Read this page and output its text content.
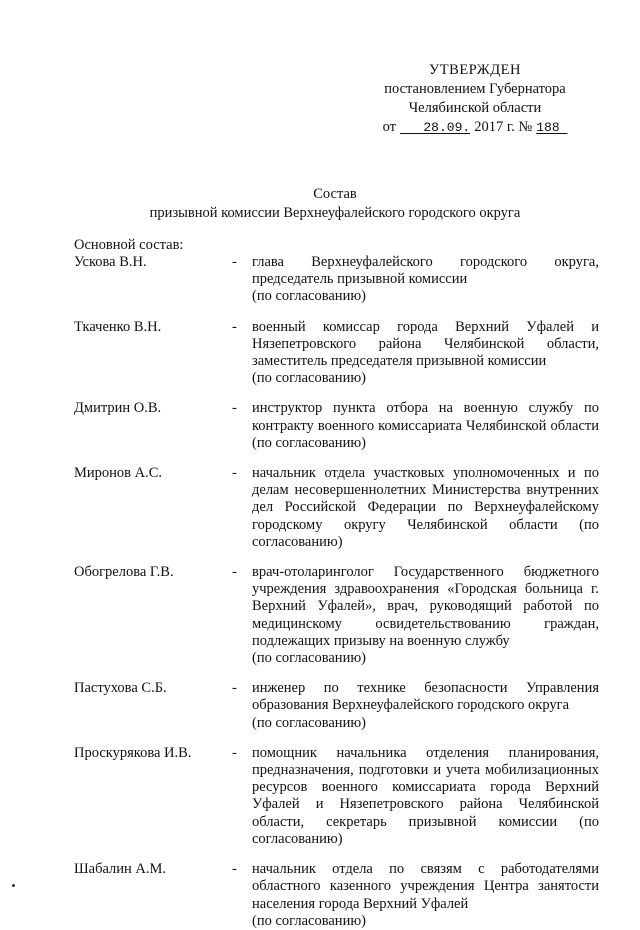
УТВЕРЖДЕН
постановлением Губернатора
Челябинской области
от 28.09. 2017 г. № 188
Состав
призывной комиссии Верхнеуфалейского городского округа
Основной состав:
Ускова В.Н.	-	глава Верхнеуфалейского городского округа, председатель призывной комиссии
(по согласованию)
Ткаченко В.Н.	-	военный комиссар города Верхний Уфалей и Нязепетровского района Челябинской области, заместитель председателя призывной комиссии
(по согласованию)
Дмитрин О.В.	-	инструктор пункта отбора на военную службу по контракту военного комиссариата Челябинской области (по согласованию)
Миронов А.С.	-	начальник отдела участковых уполномоченных и по делам несовершеннолетних Министерства внутренних дел Российской Федерации по Верхнеуфалейскому городскому округу Челябинской области (по согласованию)
Обогрелова Г.В.	-	врач-отоларинголог Государственного бюджетного учреждения здравоохранения «Городская больница г. Верхний Уфалей», врач, руководящий работой по медицинскому освидетельствованию граждан, подлежащих призыву на военную службу
(по согласованию)
Пастухова С.Б.	-	инженер по технике безопасности Управления образования Верхнеуфалейского городского округа
(по согласованию)
Проскурякова И.В.	-	помощник начальника отделения планирования, предназначения, подготовки и учета мобилизационных ресурсов военного комиссариата города Верхний Уфалей и Нязепетровского района Челябинской области, секретарь призывной комиссии (по согласованию)
Шабалин А.М.	-	начальник отдела по связям с работодателями областного казенного учреждения Центра занятости населения города Верхний Уфалей
(по согласованию)
